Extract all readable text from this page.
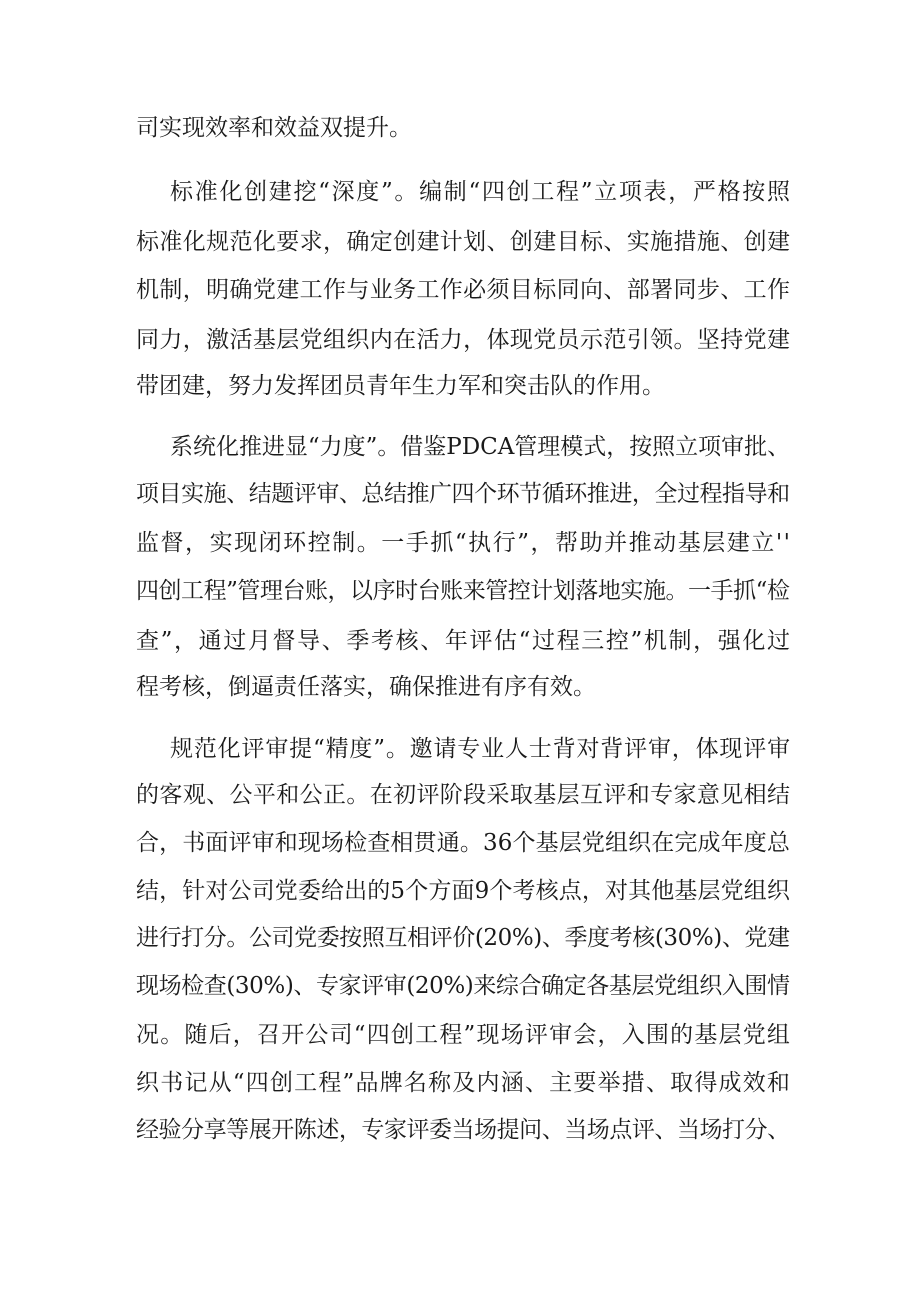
司实现效率和效益双提升。
标准化创建挖“深度”。编制“四创工程”立项表，严格按照
标准化规范化要求，确定创建计划、创建目标、实施措施、创建
机制，明确党建工作与业务工作必须目标同向、部署同步、工作
同力，激活基层党组织内在活力，体现党员示范引领。坚持党建
带团建，努力发挥团员青年生力军和突击队的作用。
系统化推进显“力度”。借鉴PDCA管理模式，按照立项审批、
项目实施、结题评审、总结推广四个环节循环推进，全过程指导和
监督，实现闭环控制。一手抓“执行”，帮助并推动基层建立''
四创工程”管理台账，以序时台账来管控计划落地实施。一手抓“检
查”，通过月督导、季考核、年评估“过程三控”机制，强化过
程考核，倒逼责任落实，确保推进有序有效。
规范化评审提“精度”。邀请专业人士背对背评审，体现评审
的客观、公平和公正。在初评阶段采取基层互评和专家意见相结
合，书面评审和现场检查相贯通。36个基层党组织在完成年度总
结，针对公司党委给出的5个方面9个考核点，对其他基层党组织
进行打分。公司党委按照互相评价(20%)、季度考核(30%)、党建
现场检查(30%)、专家评审(20%)来综合确定各基层党组织入围情
况。随后，召开公司“四创工程”现场评审会，入围的基层党组
织书记从“四创工程”品牌名称及内涵、主要举措、取得成效和
经验分享等展开陈述，专家评委当场提问、当场点评、当场打分、
